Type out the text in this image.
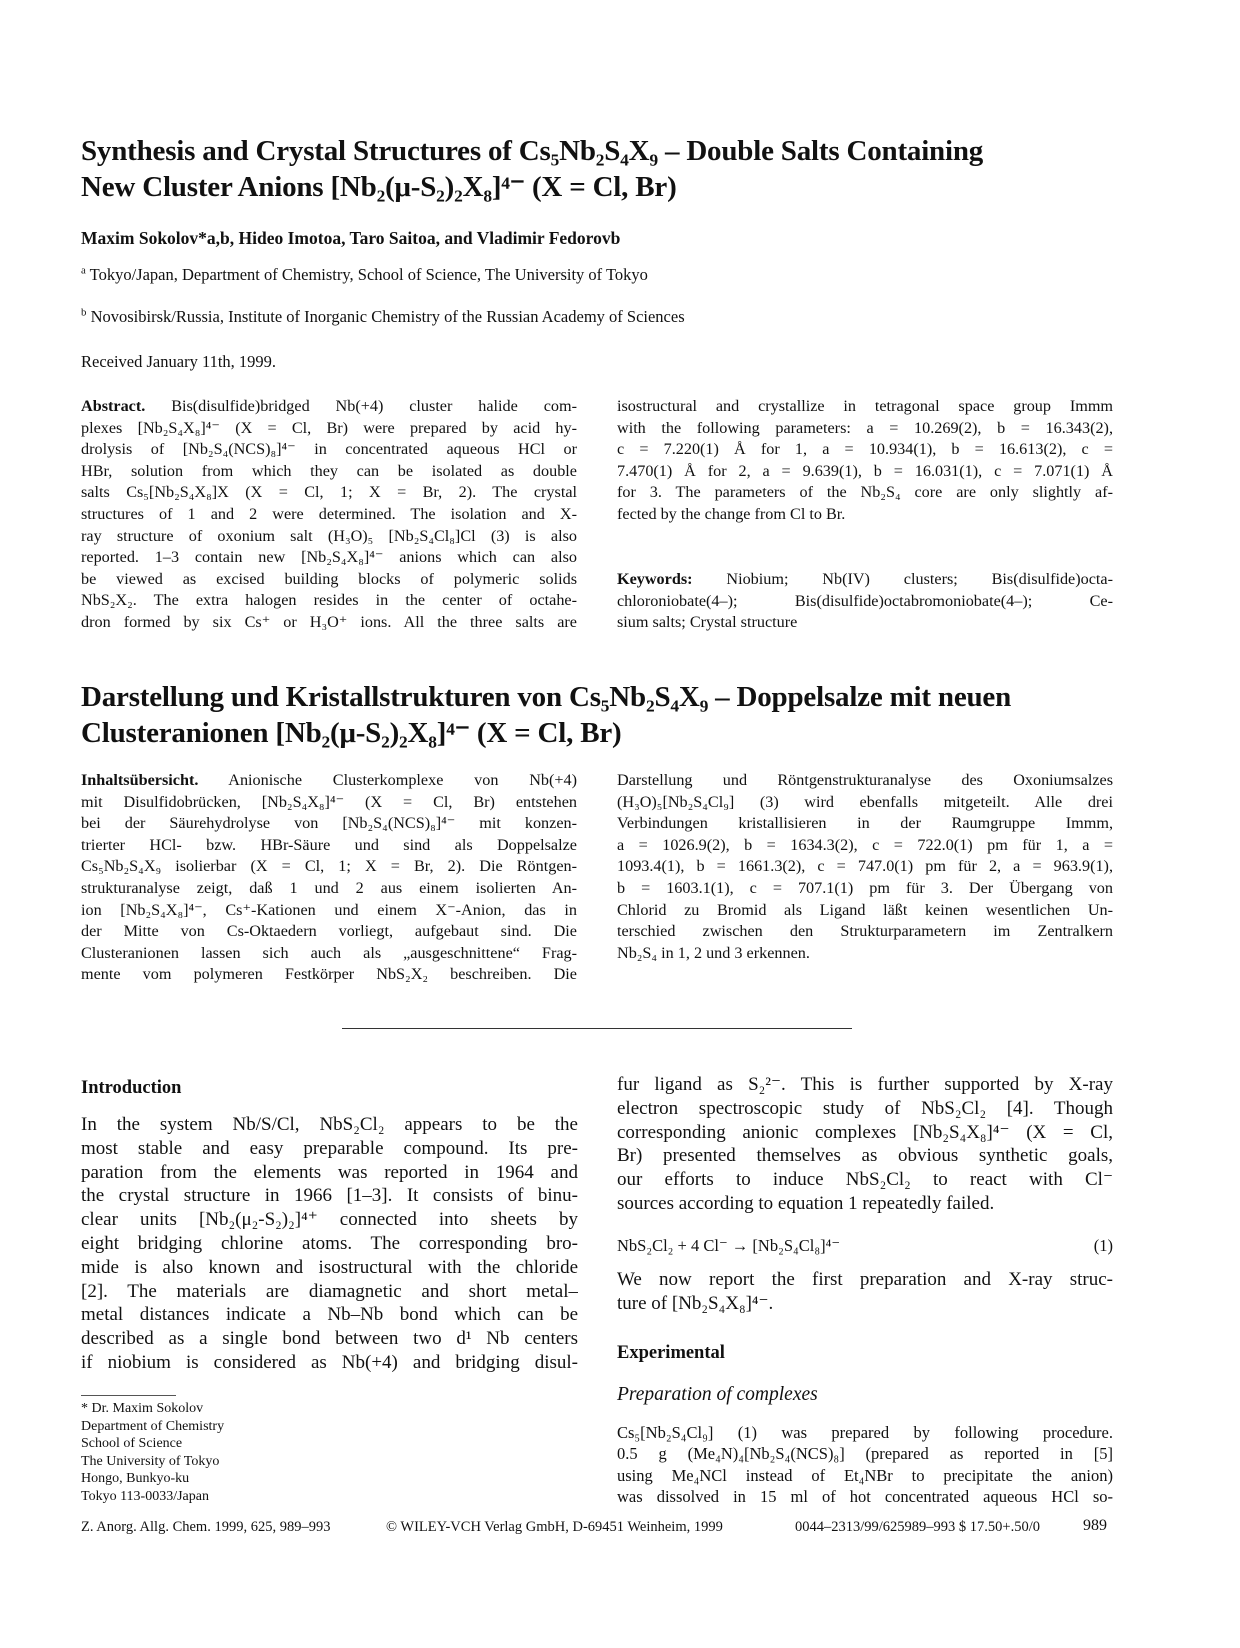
Synthesis and Crystal Structures of Cs₅Nb₂S₄X₉ – Double Salts Containing
New Cluster Anions [Nb₂(μ-S₂)₂X₈]⁴⁻ (X = Cl, Br)
Maxim Sokolov*a,b, Hideo Imotoa, Taro Saitoa, and Vladimir Fedorovb
$^a$ Tokyo/Japan, Department of Chemistry, School of Science, The University of Tokyo
$^b$ Novosibirsk/Russia, Institute of Inorganic Chemistry of the Russian Academy of Sciences
Received January 11th, 1999.
Abstract. Bis(disulfide)bridged Nb(+4) cluster halide com-
plexes [Nb₂S₄X₈]⁴⁻ (X = Cl, Br) were prepared by acid hy-
drolysis of [Nb₂S₄(NCS)₈]⁴⁻ in concentrated aqueous HCl or
HBr, solution from which they can be isolated as double
salts Cs₅[Nb₂S₄X₈]X (X = Cl, 1; X = Br, 2). The crystal
structures of 1 and 2 were determined. The isolation and X-
ray structure of oxonium salt (H₃O)₅ [Nb₂S₄Cl₈]Cl (3) is also
reported. 1–3 contain new [Nb₂S₄X₈]⁴⁻ anions which can also
be viewed as excised building blocks of polymeric solids
NbS₂X₂. The extra halogen resides in the center of octahe-
dron formed by six Cs⁺ or H₃O⁺ ions. All the three salts are
isostructural and crystallize in tetragonal space group Immm
with the following parameters: a = 10.269(2), b = 16.343(2),
c = 7.220(1) Å for 1, a = 10.934(1), b = 16.613(2), c =
7.470(1) Å for 2, a = 9.639(1), b = 16.031(1), c = 7.071(1) Å
for 3. The parameters of the Nb₂S₄ core are only slightly af-
fected by the change from Cl to Br.
Keywords: Niobium; Nb(IV) clusters; Bis(disulfide)octa-
chloroniobate(4–); Bis(disulfide)octabromoniobate(4–); Ce-
sium salts; Crystal structure
Darstellung und Kristallstrukturen von Cs₅Nb₂S₄X₉ – Doppelsalze mit neuen
Clusteranionen [Nb₂(μ-S₂)₂X₈]⁴⁻ (X = Cl, Br)
Inhaltsübersicht. Anionische Clusterkomplexe von Nb(+4)
mit Disulfidobrücken, [Nb₂S₄X₈]⁴⁻ (X = Cl, Br) entstehen
bei der Säurehydrolyse von [Nb₂S₄(NCS)₈]⁴⁻ mit konzen-
trierter HCl- bzw. HBr-Säure und sind als Doppelsalze
Cs₅Nb₂S₄X₉ isolierbar (X = Cl, 1; X = Br, 2). Die Röntgen-
strukturanalyse zeigt, daß 1 und 2 aus einem isolierten An-
ion [Nb₂S₄X₈]⁴⁻, Cs⁺-Kationen und einem X⁻-Anion, das in
der Mitte von Cs-Oktaedern vorliegt, aufgebaut sind. Die
Clusteranionen lassen sich auch als „ausgeschnittene“ Frag-
mente vom polymeren Festkörper NbS₂X₂ beschreiben. Die
Darstellung und Röntgenstrukturanalyse des Oxoniumsalzes
(H₃O)₅[Nb₂S₄Cl₉] (3) wird ebenfalls mitgeteilt. Alle drei
Verbindungen kristallisieren in der Raumgruppe Immm,
a = 1026.9(2), b = 1634.3(2), c = 722.0(1) pm für 1, a =
1093.4(1), b = 1661.3(2), c = 747.0(1) pm für 2, a = 963.9(1),
b = 1603.1(1), c = 707.1(1) pm für 3. Der Übergang von
Chlorid zu Bromid als Ligand läßt keinen wesentlichen Un-
terschied zwischen den Strukturparametern im Zentralkern
Nb₂S₄ in 1, 2 und 3 erkennen.
Introduction
In the system Nb/S/Cl, NbS₂Cl₂ appears to be the
most stable and easy preparable compound. Its pre-
paration from the elements was reported in 1964 and
the crystal structure in 1966 [1–3]. It consists of binu-
clear units [Nb₂(μ₂-S₂)₂]⁴⁺ connected into sheets by
eight bridging chlorine atoms. The corresponding bro-
mide is also known and isostructural with the chloride
[2]. The materials are diamagnetic and short metal–
metal distances indicate a Nb–Nb bond which can be
described as a single bond between two d¹ Nb centers
if niobium is considered as Nb(+4) and bridging disul-
fur ligand as S₂²⁻. This is further supported by X-ray
electron spectroscopic study of NbS₂Cl₂ [4]. Though
corresponding anionic complexes [Nb₂S₄X₈]⁴⁻ (X = Cl,
Br) presented themselves as obvious synthetic goals,
our efforts to induce NbS₂Cl₂ to react with Cl⁻
sources according to equation 1 repeatedly failed.
NbS₂Cl₂ + 4 Cl⁻ → [Nb₂S₄Cl₈]⁴⁻	(1)
We now report the first preparation and X-ray struc-
ture of [Nb₂S₄X₈]⁴⁻.
Experimental
Preparation of complexes
Cs₅[Nb₂S₄Cl₉] (1) was prepared by following procedure.
0.5 g (Me₄N)₄[Nb₂S₄(NCS)₈] (prepared as reported in [5]
using Me₄NCl instead of Et₄NBr to precipitate the anion)
was dissolved in 15 ml of hot concentrated aqueous HCl so-
* Dr. Maxim Sokolov
Department of Chemistry
School of Science
The University of Tokyo
Hongo, Bunkyo-ku
Tokyo 113-0033/Japan
Z. Anorg. Allg. Chem. 1999, 625, 989–993	© WILEY-VCH Verlag GmbH, D-69451 Weinheim, 1999	0044–2313/99/625989–993 $ 17.50+.50/0	989
